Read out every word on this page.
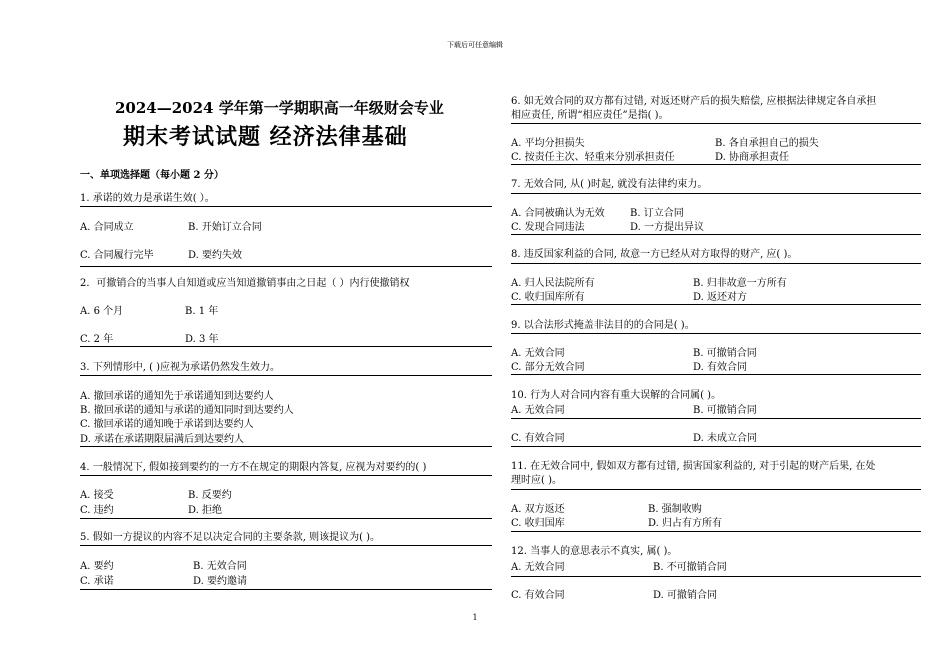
下载后可任意编辑
2024—2024 学年第一学期职高一年级财会专业
期末考试试题 经济法律基础
一、单项选择题（每小题 2 分）
1. 承诺的效力是承诺生效( ）。
A. 合同成立	B. 开始订立合同
C. 合同履行完毕	D. 要约失效
2．可撤销合的当事人自知道或应当知道撤销事由之日起（ ）内行使撤销权
A. 6 个月	B. 1 年
C. 2 年	D. 3 年
3. 下列情形中, ( )应视为承诺仍然发生效力。
A. 撤回承诺的通知先于承诺通知到达要约人
B. 撤回承诺的通知与承诺的通知同时到达要约人
C. 撤回承诺的通知晚于承诺到达要约人
D. 承诺在承诺期限届满后到达要约人
4. 一般情况下, 假如接到要约的一方不在规定的期限内答复, 应视为对要约的( )
A. 接受	B. 反要约
C. 违约	D. 拒绝
5. 假如一方提议的内容不足以决定合同的主要条款, 则该提议为( )。
A. 要约	B. 无效合同
C. 承诺	D. 要约邀请
6. 如无效合同的双方都有过错, 对返还财产后的损失赔偿, 应根据法律规定各自承担
相应责任, 所谓“相应责任”是指( )。
A. 平均分担损失	B. 各自承担自己的损失
C. 按责任主次、轻重来分别承担责任	D. 协商承担责任
7. 无效合同, 从( )时起, 就没有法律约束力。
A. 合同被确认为无效	B. 订立合同
C. 发现合同违法	D. 一方提出异议
8. 违反国家利益的合同, 故意一方已经从对方取得的财产, 应( )。
A. 归人民法院所有	B. 归非故意一方所有
C. 收归国库所有	D. 返还对方
9. 以合法形式掩盖非法目的的合同是( )。
A. 无效合同	B. 可撤销合同
C. 部分无效合同	D. 有效合同
10. 行为人对合同内容有重大误解的合同属( )。
A. 无效合同	B. 可撤销合同
C. 有效合同	D. 未成立合同
11. 在无效合同中, 假如双方都有过错, 损害国家利益的, 对于引起的财产后果, 在处
理时应( )。
A. 双方返还	B. 强制收购
C. 收归国库	D. 归占有方所有
12. 当事人的意思表示不真实, 属( )。
A. 无效合同	B. 不可撤销合同
C. 有效合同	D. 可撤销合同
1
